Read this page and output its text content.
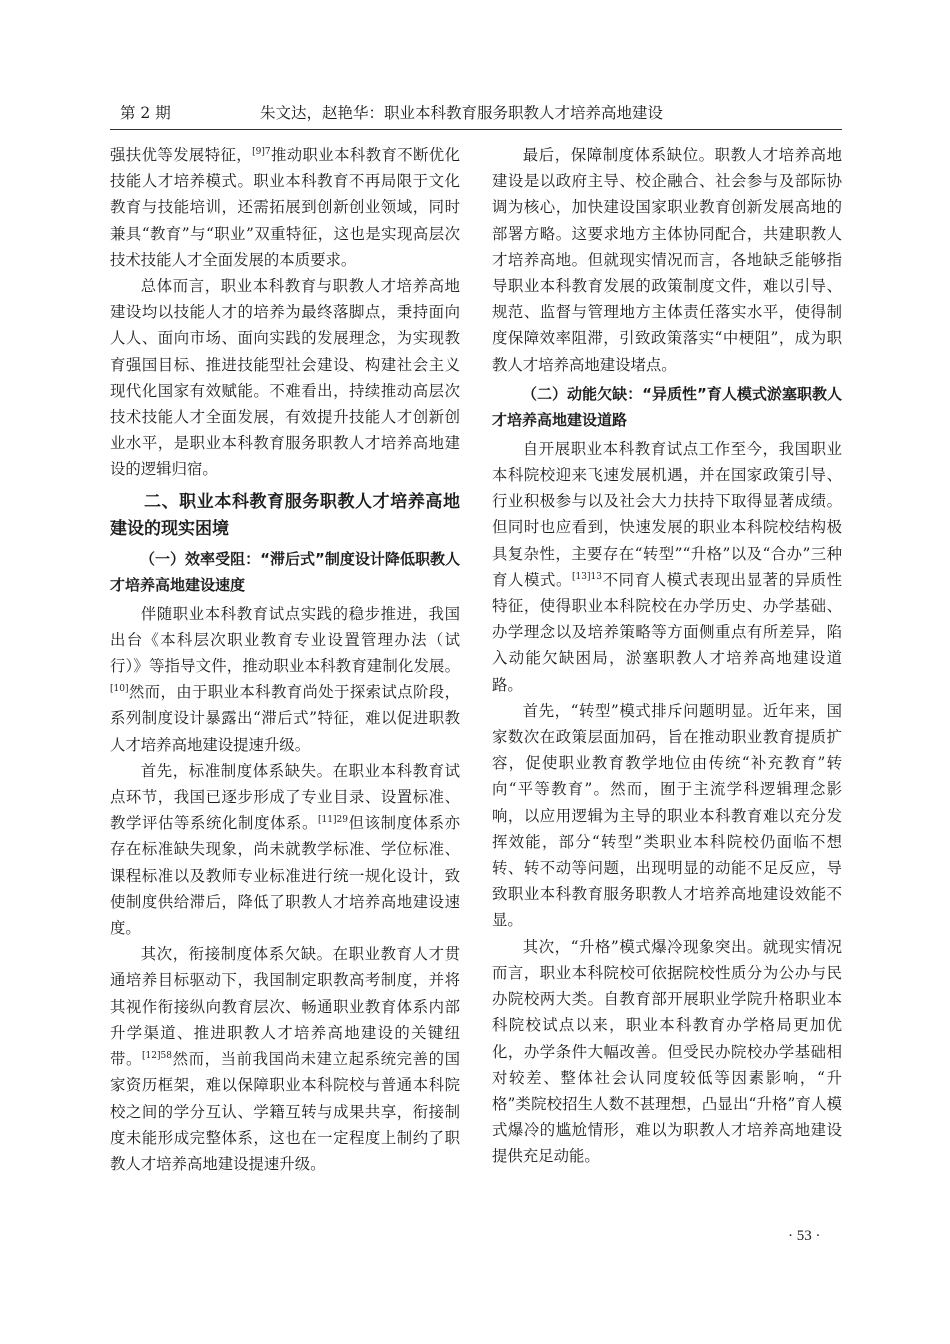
第 2 期	朱文达，赵艳华：职业本科教育服务职教人才培养高地建设

强扶优等发展特征，$^{[9]7}$推动职业本科教育不断优化技能人才培养模式。职业本科教育不再局限于文化教育与技能培训，还需拓展到创新创业领域，同时兼具“教育”与“职业”双重特征，这也是实现高层次技术技能人才全面发展的本质要求。

总体而言，职业本科教育与职教人才培养高地建设均以技能人才的培养为最终落脚点，秉持面向人人、面向市场、面向实践的发展理念，为实现教育强国目标、推进技能型社会建设、构建社会主义现代化国家有效赋能。不难看出，持续推动高层次技术技能人才全面发展，有效提升技能人才创新创业水平，是职业本科教育服务职教人才培养高地建设的逻辑归宿。

二、职业本科教育服务职教人才培养高地建设的现实困境
（一）效率受阻：“滞后式”制度设计降低职教人才培养高地建设速度

伴随职业本科教育试点实践的稳步推进，我国出台《本科层次职业教育专业设置管理办法（试行）》等指导文件，推动职业本科教育建制化发展。[10]然而，由于职业本科教育尚处于探索试点阶段，系列制度设计暴露出“滞后式”特征，难以促进职教人才培养高地建设提速升级。

首先，标准制度体系缺失。在职业本科教育试点环节，我国已逐步形成了专业目录、设置标准、教学评估等系统化制度体系。$^{[11]29}$但该制度体系亦存在标准缺失现象，尚未就教学标准、学位标准、课程标准以及教师专业标准进行统一规化设计，致使制度供给滞后，降低了职教人才培养高地建设速度。

其次，衔接制度体系欠缺。在职业教育人才贯通培养目标驱动下，我国制定职教高考制度，并将其视作衔接纵向教育层次、畅通职业教育体系内部升学渠道、推进职教人才培养高地建设的关键纽带。$^{[12]58}$然而，当前我国尚未建立起系统完善的国家资历框架，难以保障职业本科院校与普通本科院校之间的学分互认、学籍互转与成果共享，衔接制度未能形成完整体系，这也在一定程度上制约了职教人才培养高地建设提速升级。

最后，保障制度体系缺位。职教人才培养高地建设是以政府主导、校企融合、社会参与及部际协调为核心，加快建设国家职业教育创新发展高地的部署方略。这要求地方主体协同配合，共建职教人才培养高地。但就现实情况而言，各地缺乏能够指导职业本科教育发展的政策制度文件，难以引导、规范、监督与管理地方主体责任落实水平，使得制度保障效率阻滞，引致政策落实“中梗阻”，成为职教人才培养高地建设堵点。

（二）动能欠缺：“异质性”育人模式淤塞职教人才培养高地建设道路

自开展职业本科教育试点工作至今，我国职业本科院校迎来飞速发展机遇，并在国家政策引导、行业积极参与以及社会大力扶持下取得显著成绩。但同时也应看到，快速发展的职业本科院校结构极具复杂性，主要存在“转型”“升格”以及“合办”三种育人模式。$^{[13]13}$不同育人模式表现出显著的异质性特征，使得职业本科院校在办学历史、办学基础、办学理念以及培养策略等方面侧重点有所差异，陷入动能欠缺困局，淤塞职教人才培养高地建设道路。

首先，“转型”模式排斥问题明显。近年来，国家数次在政策层面加码，旨在推动职业教育提质扩容，促使职业教育教学地位由传统“补充教育”转向“平等教育”。然而，囿于主流学科逻辑理念影响，以应用逻辑为主导的职业本科教育难以充分发挥效能，部分“转型”类职业本科院校仍面临不想转、转不动等问题，出现明显的动能不足反应，导致职业本科教育服务职教人才培养高地建设效能不显。

其次，“升格”模式爆冷现象突出。就现实情况而言，职业本科院校可依据院校性质分为公办与民办院校两大类。自教育部开展职业学院升格职业本科院校试点以来，职业本科教育办学格局更加优化，办学条件大幅改善。但受民办院校办学基础相对较差、整体社会认同度较低等因素影响，“升格”类院校招生人数不甚理想，凸显出“升格”育人模式爆冷的尴尬情形，难以为职教人才培养高地建设提供充足动能。

· 53 ·
